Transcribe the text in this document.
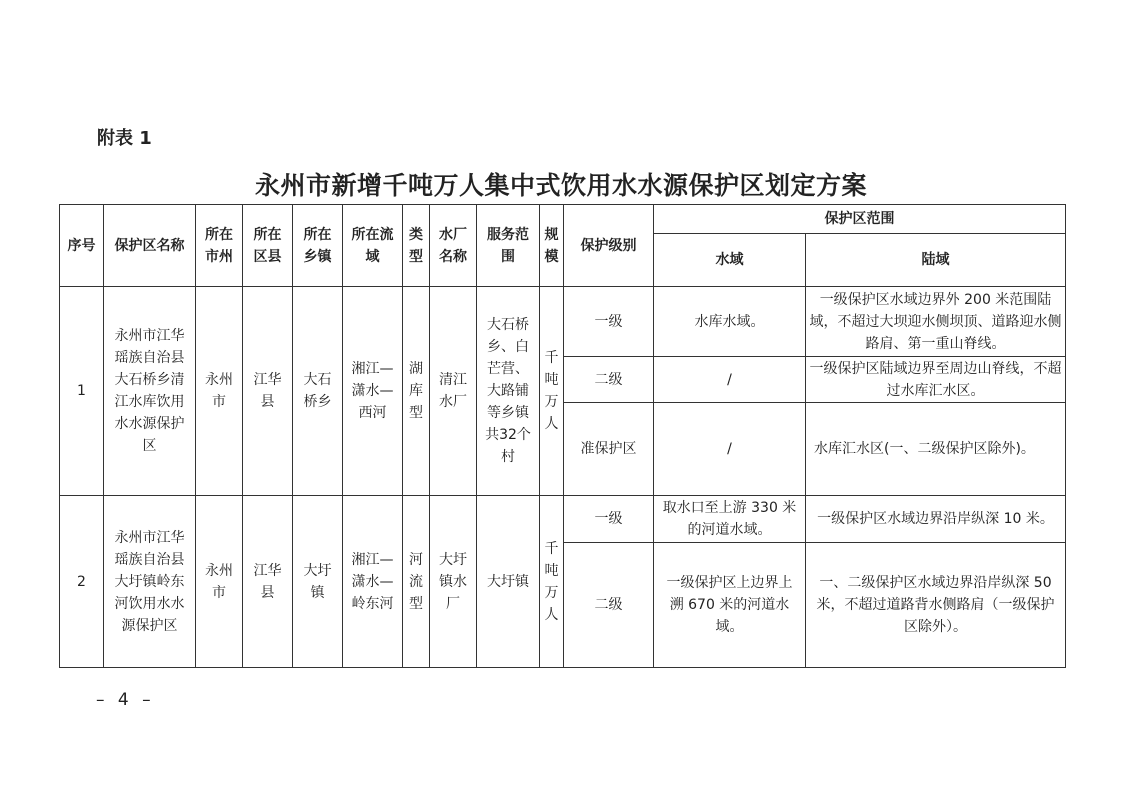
附表 1
永州市新增千吨万人集中式饮用水水源保护区划定方案
序号	保护区名称	所在市州	所在区县	所在乡镇	所在流域	类型	水厂名称	服务范围	规模	保护级别	保护区范围	
											水域	陆域
1	永州市江华瑶族自治县大石桥乡清江水库饮用水水源保护区	永州市	江华县	大石桥乡	湘江—潇水—西河	湖库型	清江水厂	大石桥乡、白芒营、大路铺等乡镇共32个村	千吨万人	一级	水库水域。	一级保护区水域边界外 200 米范围陆域，不超过大坝迎水侧坝顶、道路迎水侧路肩、第一重山脊线。
										二级	/	一级保护区陆域边界至周边山脊线，不超过水库汇水区。
										准保护区	/	水库汇水区(一、二级保护区除外)。
2	永州市江华瑶族自治县大圩镇岭东河饮用水水源保护区	永州市	江华县	大圩镇	湘江—潇水—岭东河	河流型	大圩镇水厂	大圩镇	千吨万人	一级	取水口至上游 330 米的河道水域。	一级保护区水域边界沿岸纵深 10 米。
										二级	一级保护区上边界上溯 670 米的河道水域。	一、二级保护区水域边界沿岸纵深 50 米，不超过道路背水侧路肩（一级保护区除外）。
– 4 –
